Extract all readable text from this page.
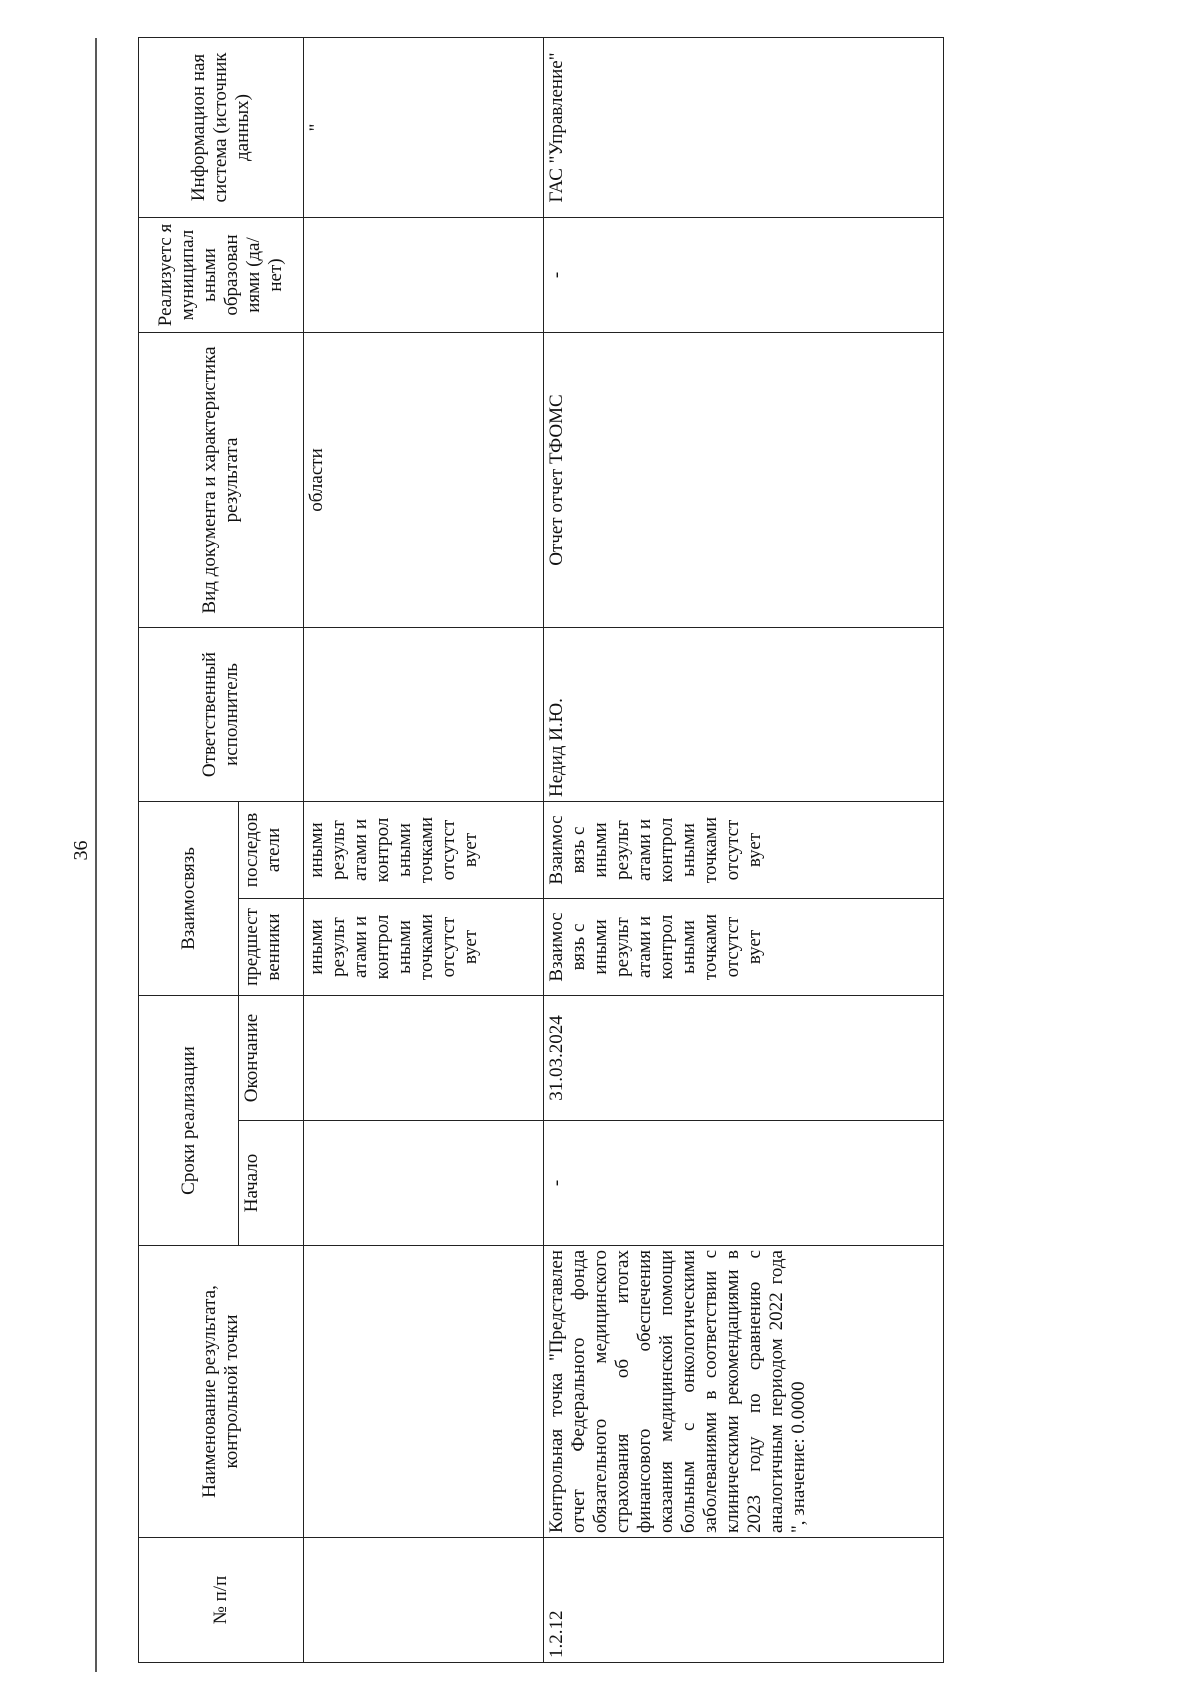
36
№ п/п	Наименование результата, контрольной точки	Сроки реализации		Взаимосвязь		Ответственный исполнитель	Вид документа и характеристика результата	Реализуетс я муниципал ьными образован иями (да/нет)	Информацион ная система (источник данных)
		Начало	Окончание	предшест венники	последов атели				
				иными результ атами и контрол ьными точками отсутст вует	иными результ атами и контрол ьными точками отсутст вует		области		"
1.2.12	Контрольная точка "Представлен отчет Федерального фонда обязательного медицинского страхования об итогах финансового обеспечения оказания медицинской помощи больным с онкологическими заболеваниями в соответствии с клиническими рекомендациями в 2023 году по сравнению с аналогичным периодом 2022 года ", значение: 0.0000	-	31.03.2024	Взаимос вязь с иными результ атами и контрол ьными точками отсутст вует	Взаимос вязь с иными результ атами и контрол ьными точками отсутст вует	Недид И.Ю.	Отчет отчет ТФОМС	-	ГАС "Управление"
